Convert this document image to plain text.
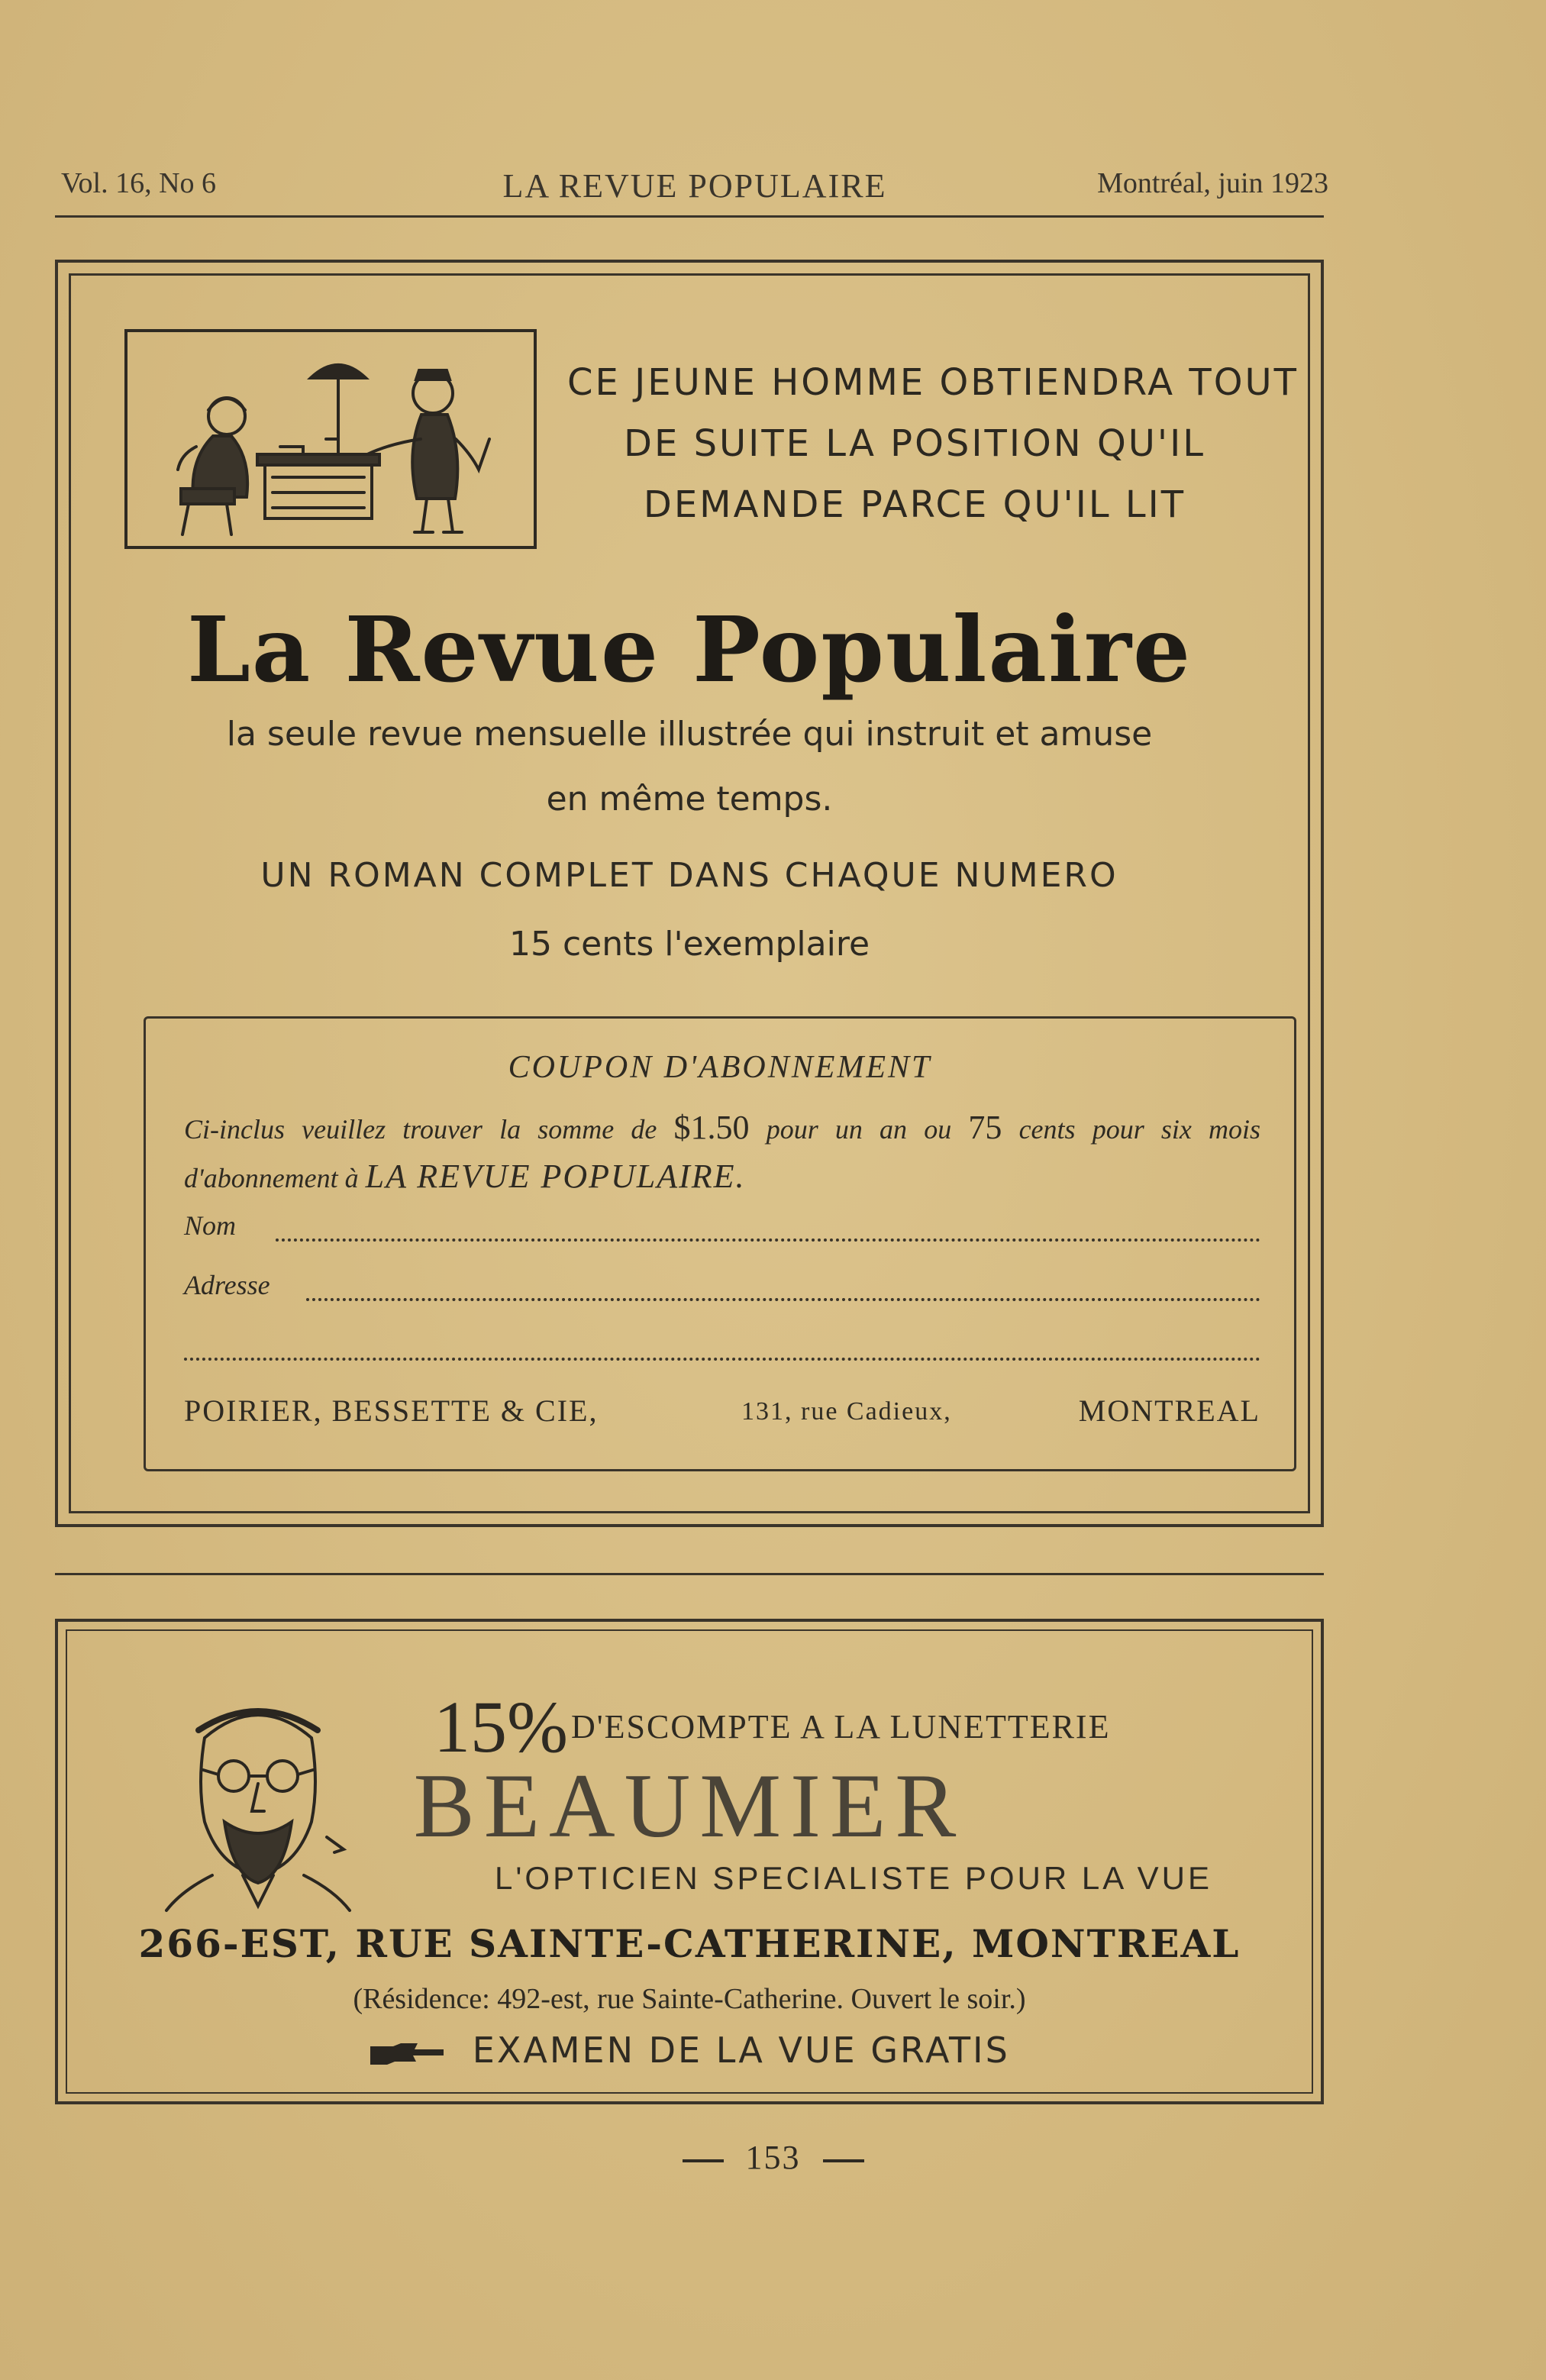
Vol. 16, No 6	LA REVUE POPULAIRE	Montréal, juin 1923
CE JEUNE HOMME OBTIENDRA TOUT
DE SUITE LA POSITION QU'IL
DEMANDE PARCE QU'IL LIT
La Revue Populaire
la seule revue mensuelle illustrée qui instruit et amuse
en même temps.
UN ROMAN COMPLET DANS CHAQUE NUMERO
15 cents l'exemplaire
COUPON D'ABONNEMENT
Ci-inclus veuillez trouver la somme de $1.50 pour un an ou 75 cents pour six mois d'abonnement à LA REVUE POPULAIRE.
Nom
Adresse
POIRIER, BESSETTE & CIE,	131, rue Cadieux,	MONTREAL
15% D'ESCOMPTE A LA LUNETTERIE
BEAUMIER
L'OPTICIEN SPECIALISTE POUR LA VUE
266-EST, RUE SAINTE-CATHERINE, MONTREAL
(Résidence: 492-est, rue Sainte-Catherine. Ouvert le soir.)
EXAMEN DE LA VUE GRATIS
153
